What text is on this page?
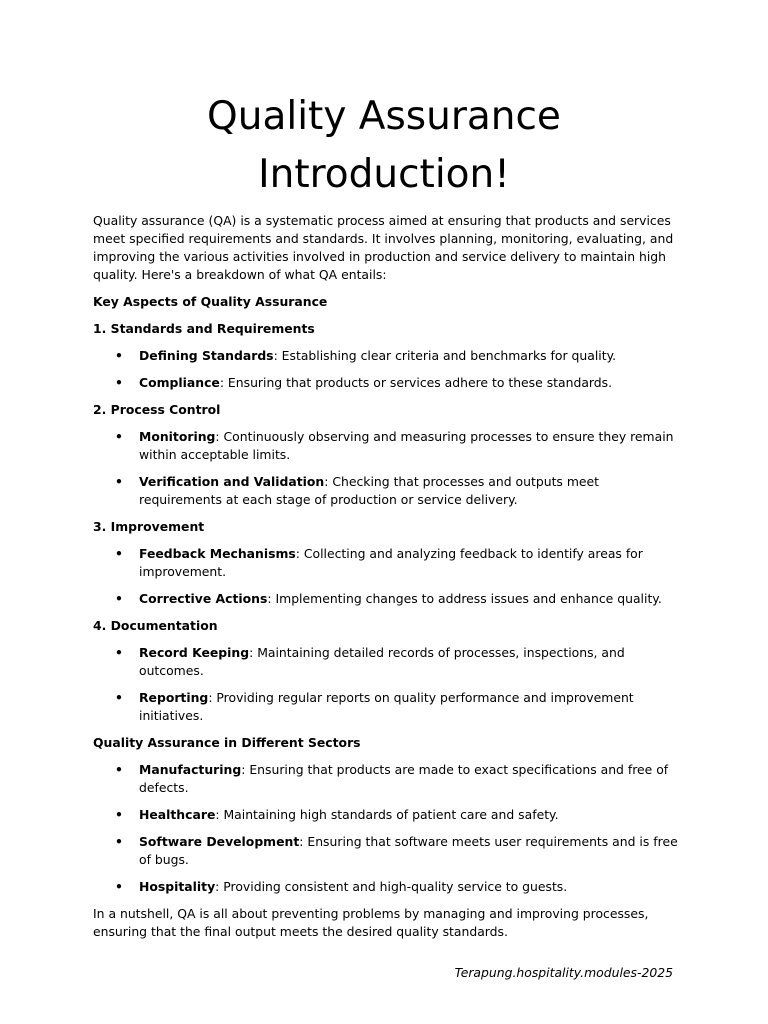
Quality Assurance
Introduction!

Quality assurance (QA) is a systematic process aimed at ensuring that products and services meet specified requirements and standards. It involves planning, monitoring, evaluating, and improving the various activities involved in production and service delivery to maintain high quality. Here's a breakdown of what QA entails:

Key Aspects of Quality Assurance

1. Standards and Requirements

• Defining Standards: Establishing clear criteria and benchmarks for quality.
• Compliance: Ensuring that products or services adhere to these standards.

2. Process Control

• Monitoring: Continuously observing and measuring processes to ensure they remain within acceptable limits.
• Verification and Validation: Checking that processes and outputs meet requirements at each stage of production or service delivery.

3. Improvement

• Feedback Mechanisms: Collecting and analyzing feedback to identify areas for improvement.
• Corrective Actions: Implementing changes to address issues and enhance quality.

4. Documentation

• Record Keeping: Maintaining detailed records of processes, inspections, and outcomes.
• Reporting: Providing regular reports on quality performance and improvement initiatives.

Quality Assurance in Different Sectors

• Manufacturing: Ensuring that products are made to exact specifications and free of defects.
• Healthcare: Maintaining high standards of patient care and safety.
• Software Development: Ensuring that software meets user requirements and is free of bugs.
• Hospitality: Providing consistent and high-quality service to guests.

In a nutshell, QA is all about preventing problems by managing and improving processes, ensuring that the final output meets the desired quality standards.

Terapung.hospitality.modules-2025
